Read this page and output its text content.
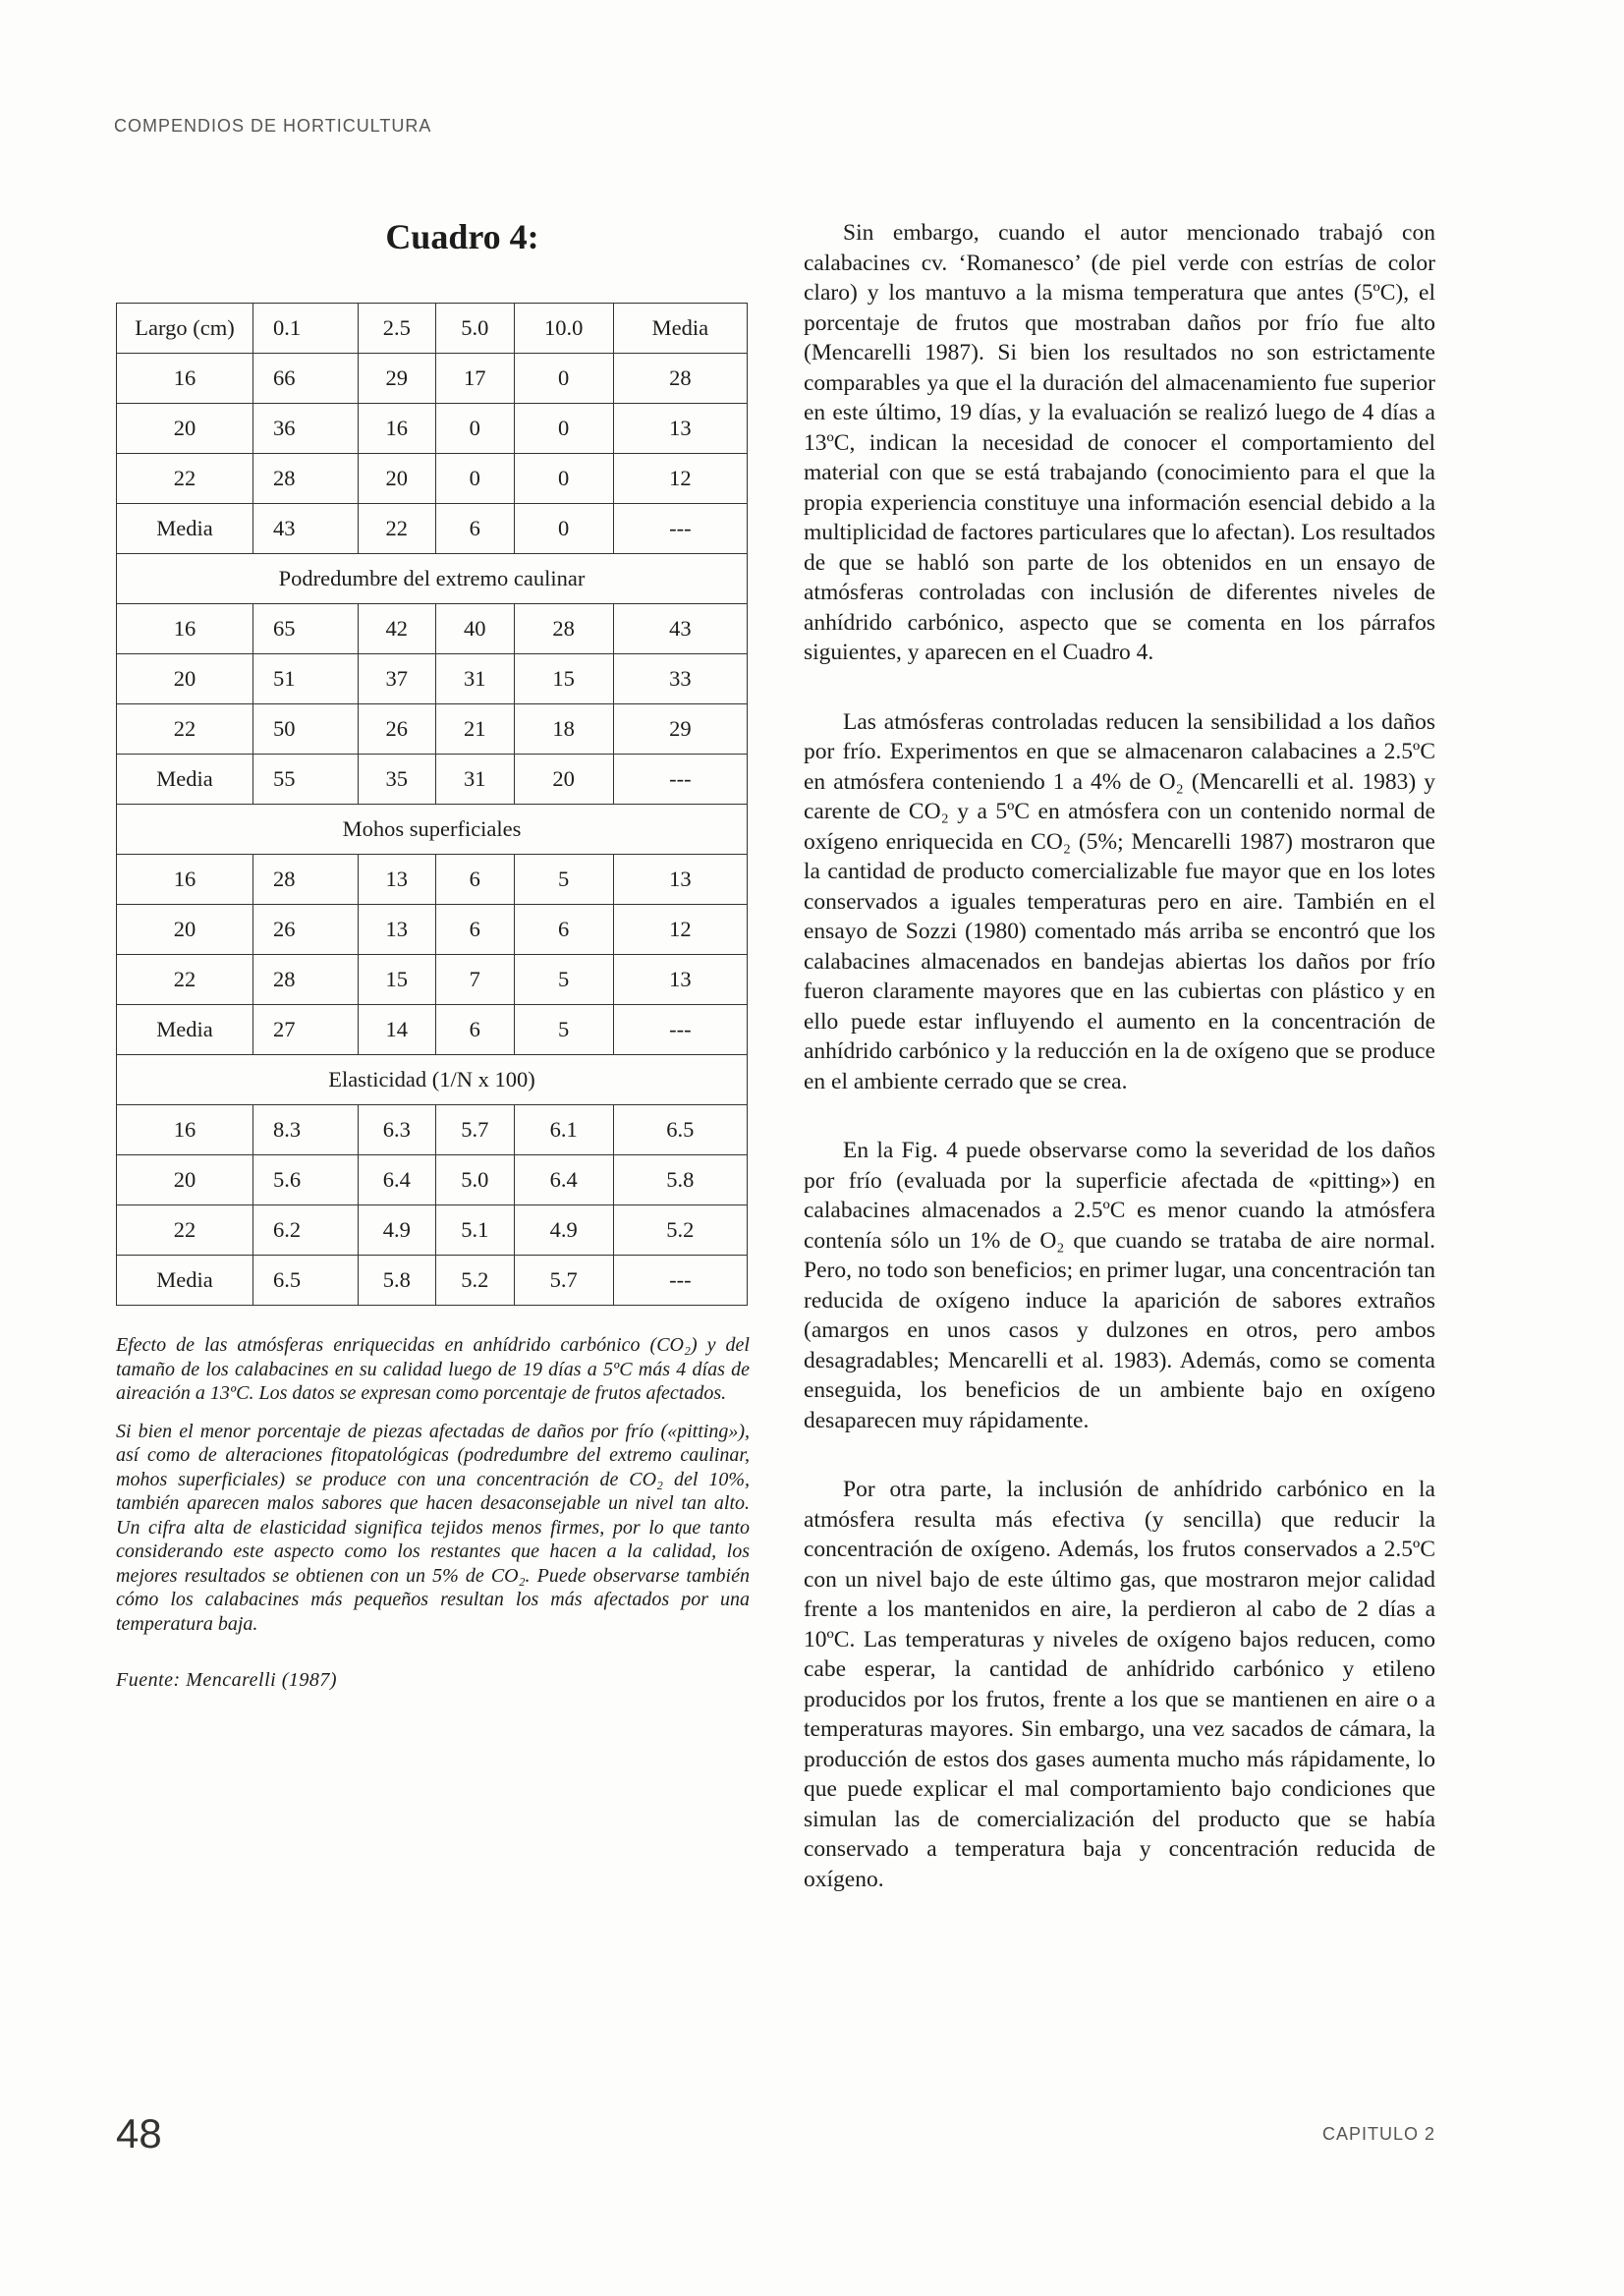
COMPENDIOS DE HORTICULTURA
Cuadro 4:
Largo (cm)	0.1	2.5	5.0	10.0	Media
16	66	29	17	0	28
20	36	16	0	0	13
22	28	20	0	0	12
Media	43	22	6	0	---
Podredumbre del extremo caulinar					
16	65	42	40	28	43
20	51	37	31	15	33
22	50	26	21	18	29
Media	55	35	31	20	---
Mohos superficiales					
16	28	13	6	5	13
20	26	13	6	6	12
22	28	15	7	5	13
Media	27	14	6	5	---
Elasticidad (1/N x 100)					
16	8.3	6.3	5.7	6.1	6.5
20	5.6	6.4	5.0	6.4	5.8
22	6.2	4.9	5.1	4.9	5.2
Media	6.5	5.8	5.2	5.7	---

Efecto de las atmósferas enriquecidas en anhídrido carbónico (CO₂) y del tamaño de los calabacines en su calidad luego de 19 días a 5ºC más 4 días de aireación a 13ºC. Los datos se expresan como porcentaje de frutos afectados.

Si bien el menor porcentaje de piezas afectadas de daños por frío («pitting»), así como de alteraciones fitopatológicas (podredumbre del extremo caulinar, mohos superficiales) se produce con una concentración de CO₂ del 10%, también aparecen malos sabores que hacen desaconsejable un nivel tan alto. Un cifra alta de elasticidad significa tejidos menos firmes, por lo que tanto considerando este aspecto como los restantes que hacen a la calidad, los mejores resultados se obtienen con un 5% de CO₂. Puede observarse también cómo los calabacines más pequeños resultan los más afectados por una temperatura baja.

Fuente: Mencarelli (1987)

Sin embargo, cuando el autor mencionado trabajó con calabacines cv. ‘Romanesco’ (de piel verde con estrías de color claro) y los mantuvo a la misma temperatura que antes (5ºC), el porcentaje de frutos que mostraban daños por frío fue alto (Mencarelli 1987). Si bien los resultados no son estrictamente comparables ya que el la duración del almacenamiento fue superior en este último, 19 días, y la evaluación se realizó luego de 4 días a 13ºC, indican la necesidad de conocer el comportamiento del material con que se está trabajando (conocimiento para el que la propia experiencia constituye una información esencial debido a la multiplicidad de factores particulares que lo afectan). Los resultados de que se habló son parte de los obtenidos en un ensayo de atmósferas controladas con inclusión de diferentes niveles de anhídrido carbónico, aspecto que se comenta en los párrafos siguientes, y aparecen en el Cuadro 4.

Las atmósferas controladas reducen la sensibilidad a los daños por frío. Experimentos en que se almacenaron calabacines a 2.5ºC en atmósfera conteniendo 1 a 4% de O₂ (Mencarelli et al. 1983) y carente de CO₂ y a 5ºC en atmósfera con un contenido normal de oxígeno enriquecida en CO₂ (5%; Mencarelli 1987) mostraron que la cantidad de producto comercializable fue mayor que en los lotes conservados a iguales temperaturas pero en aire. También en el ensayo de Sozzi (1980) comentado más arriba se encontró que los calabacines almacenados en bandejas abiertas los daños por frío fueron claramente mayores que en las cubiertas con plástico y en ello puede estar influyendo el aumento en la concentración de anhídrido carbónico y la reducción en la de oxígeno que se produce en el ambiente cerrado que se crea.

En la Fig. 4 puede observarse como la severidad de los daños por frío (evaluada por la superficie afectada de «pitting») en calabacines almacenados a 2.5ºC es menor cuando la atmósfera contenía sólo un 1% de O₂ que cuando se trataba de aire normal. Pero, no todo son beneficios; en primer lugar, una concentración tan reducida de oxígeno induce la aparición de sabores extraños (amargos en unos casos y dulzones en otros, pero ambos desagradables; Mencarelli et al. 1983). Además, como se comenta enseguida, los beneficios de un ambiente bajo en oxígeno desaparecen muy rápidamente.

Por otra parte, la inclusión de anhídrido carbónico en la atmósfera resulta más efectiva (y sencilla) que reducir la concentración de oxígeno. Además, los frutos conservados a 2.5ºC con un nivel bajo de este último gas, que mostraron mejor calidad frente a los mantenidos en aire, la perdieron al cabo de 2 días a 10ºC. Las temperaturas y niveles de oxígeno bajos reducen, como cabe esperar, la cantidad de anhídrido carbónico y etileno producidos por los frutos, frente a los que se mantienen en aire o a temperaturas mayores. Sin embargo, una vez sacados de cámara, la producción de estos dos gases aumenta mucho más rápidamente, lo que puede explicar el mal comportamiento bajo condiciones que simulan las de comercialización del producto que se había conservado a temperatura baja y concentración reducida de oxígeno.

48	CAPITULO 2
